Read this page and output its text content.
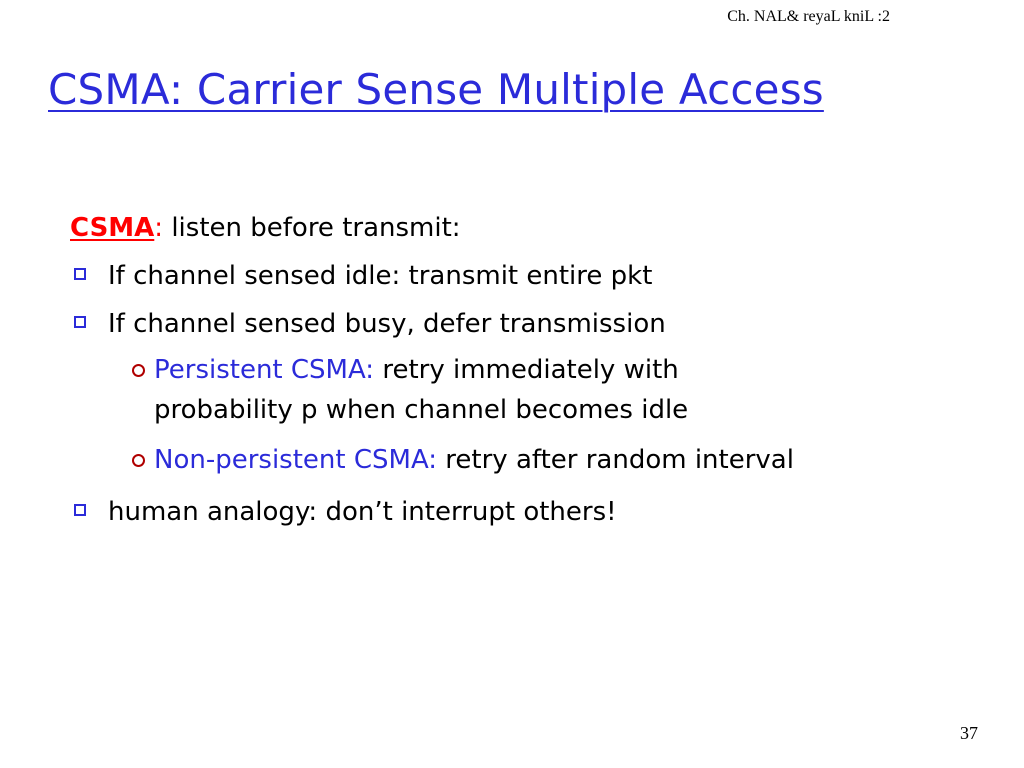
Ch. NAL& reyaL kniL :2
CSMA: Carrier Sense Multiple Access
CSMA: listen before transmit:
If channel sensed idle: transmit entire pkt
If channel sensed busy, defer transmission
Persistent CSMA: retry immediately with
probability p when channel becomes idle
Non-persistent CSMA: retry after random interval
human analogy: don’t interrupt others!
37
